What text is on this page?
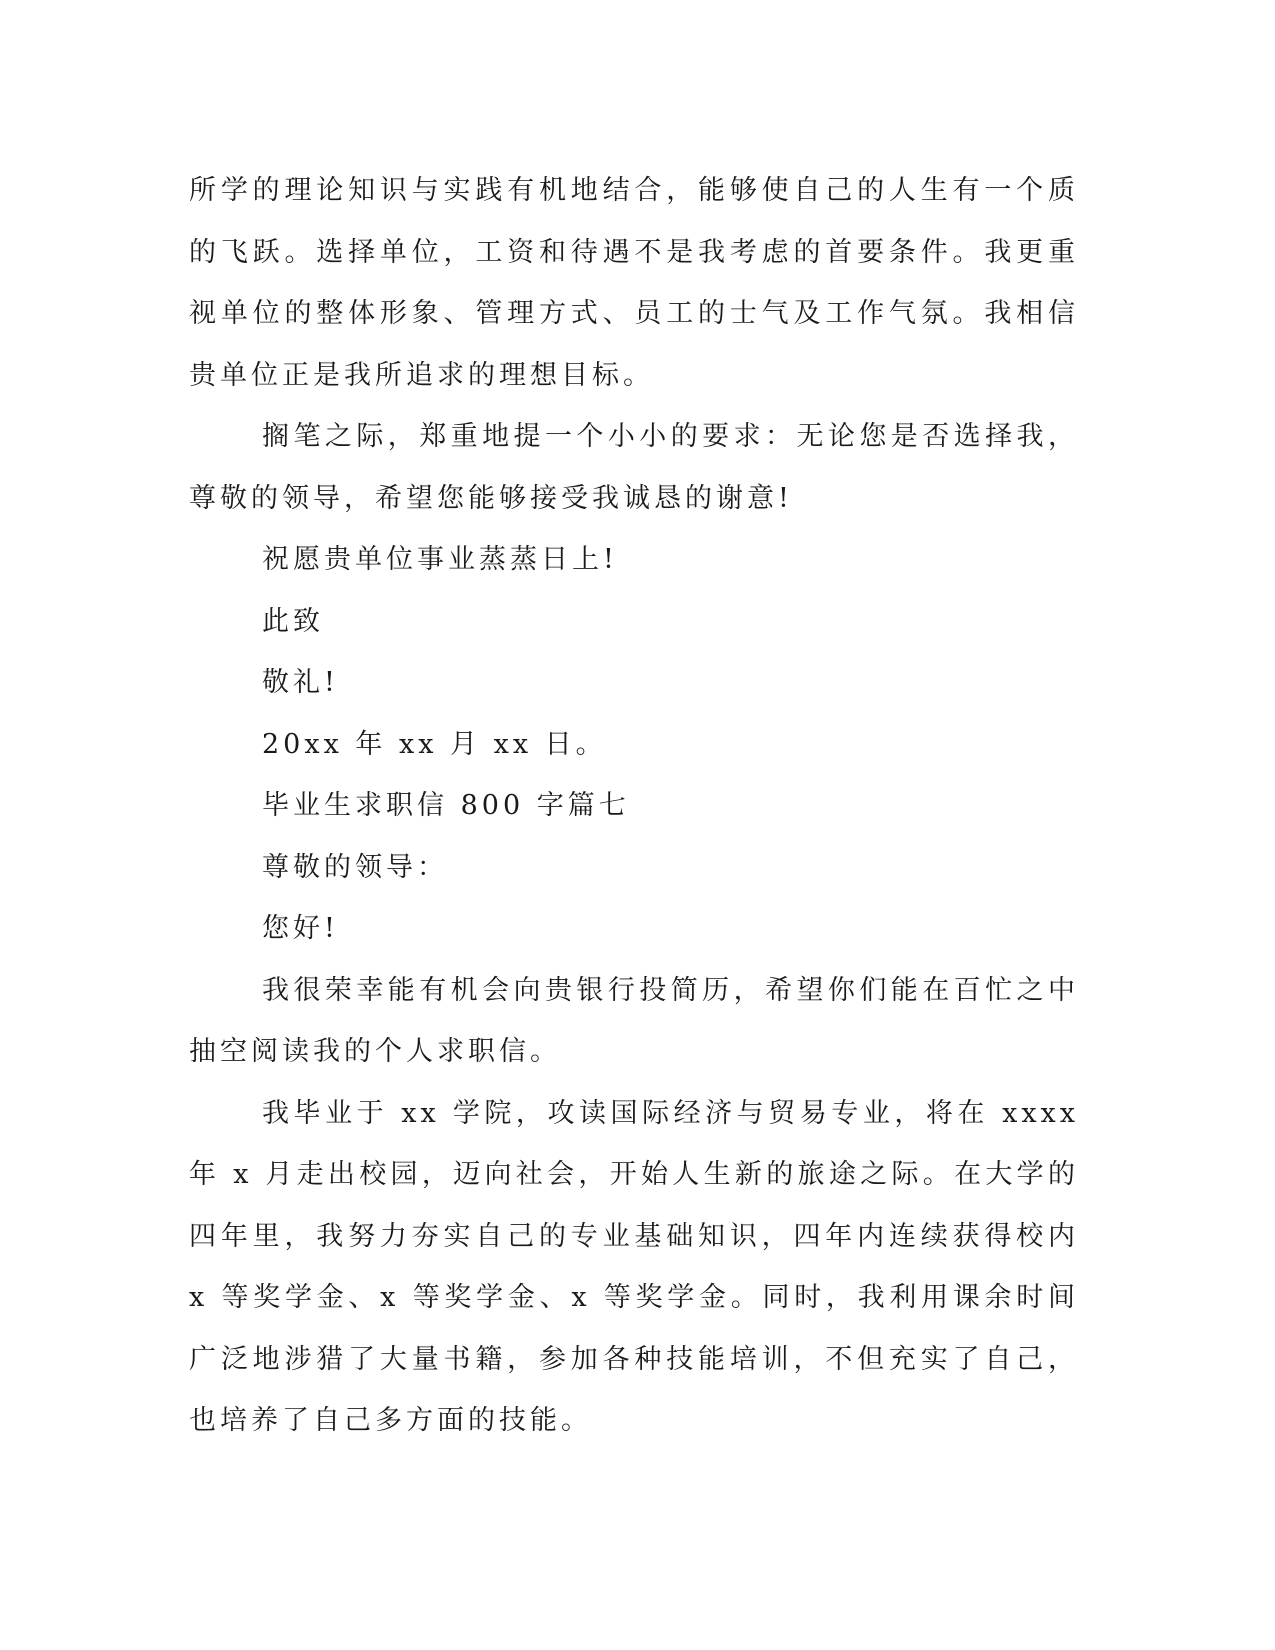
所学的理论知识与实践有机地结合，能够使自己的人生有一个质的飞跃。选择单位，工资和待遇不是我考虑的首要条件。我更重视单位的整体形象、管理方式、员工的士气及工作气氛。我相信贵单位正是我所追求的理想目标。

搁笔之际，郑重地提一个小小的要求：无论您是否选择我，尊敬的领导，希望您能够接受我诚恳的谢意!

祝愿贵单位事业蒸蒸日上!

此致

敬礼!

20xx 年 xx 月 xx 日。

毕业生求职信 800 字篇七

尊敬的领导：

您好!

我很荣幸能有机会向贵银行投简历，希望你们能在百忙之中抽空阅读我的个人求职信。

我毕业于 xx 学院，攻读国际经济与贸易专业，将在 xxxx 年 x 月走出校园，迈向社会，开始人生新的旅途之际。在大学的四年里，我努力夯实自己的专业基础知识，四年内连续获得校内 x 等奖学金、x 等奖学金、x 等奖学金。同时，我利用课余时间广泛地涉猎了大量书籍，参加各种技能培训，不但充实了自己，也培养了自己多方面的技能。
